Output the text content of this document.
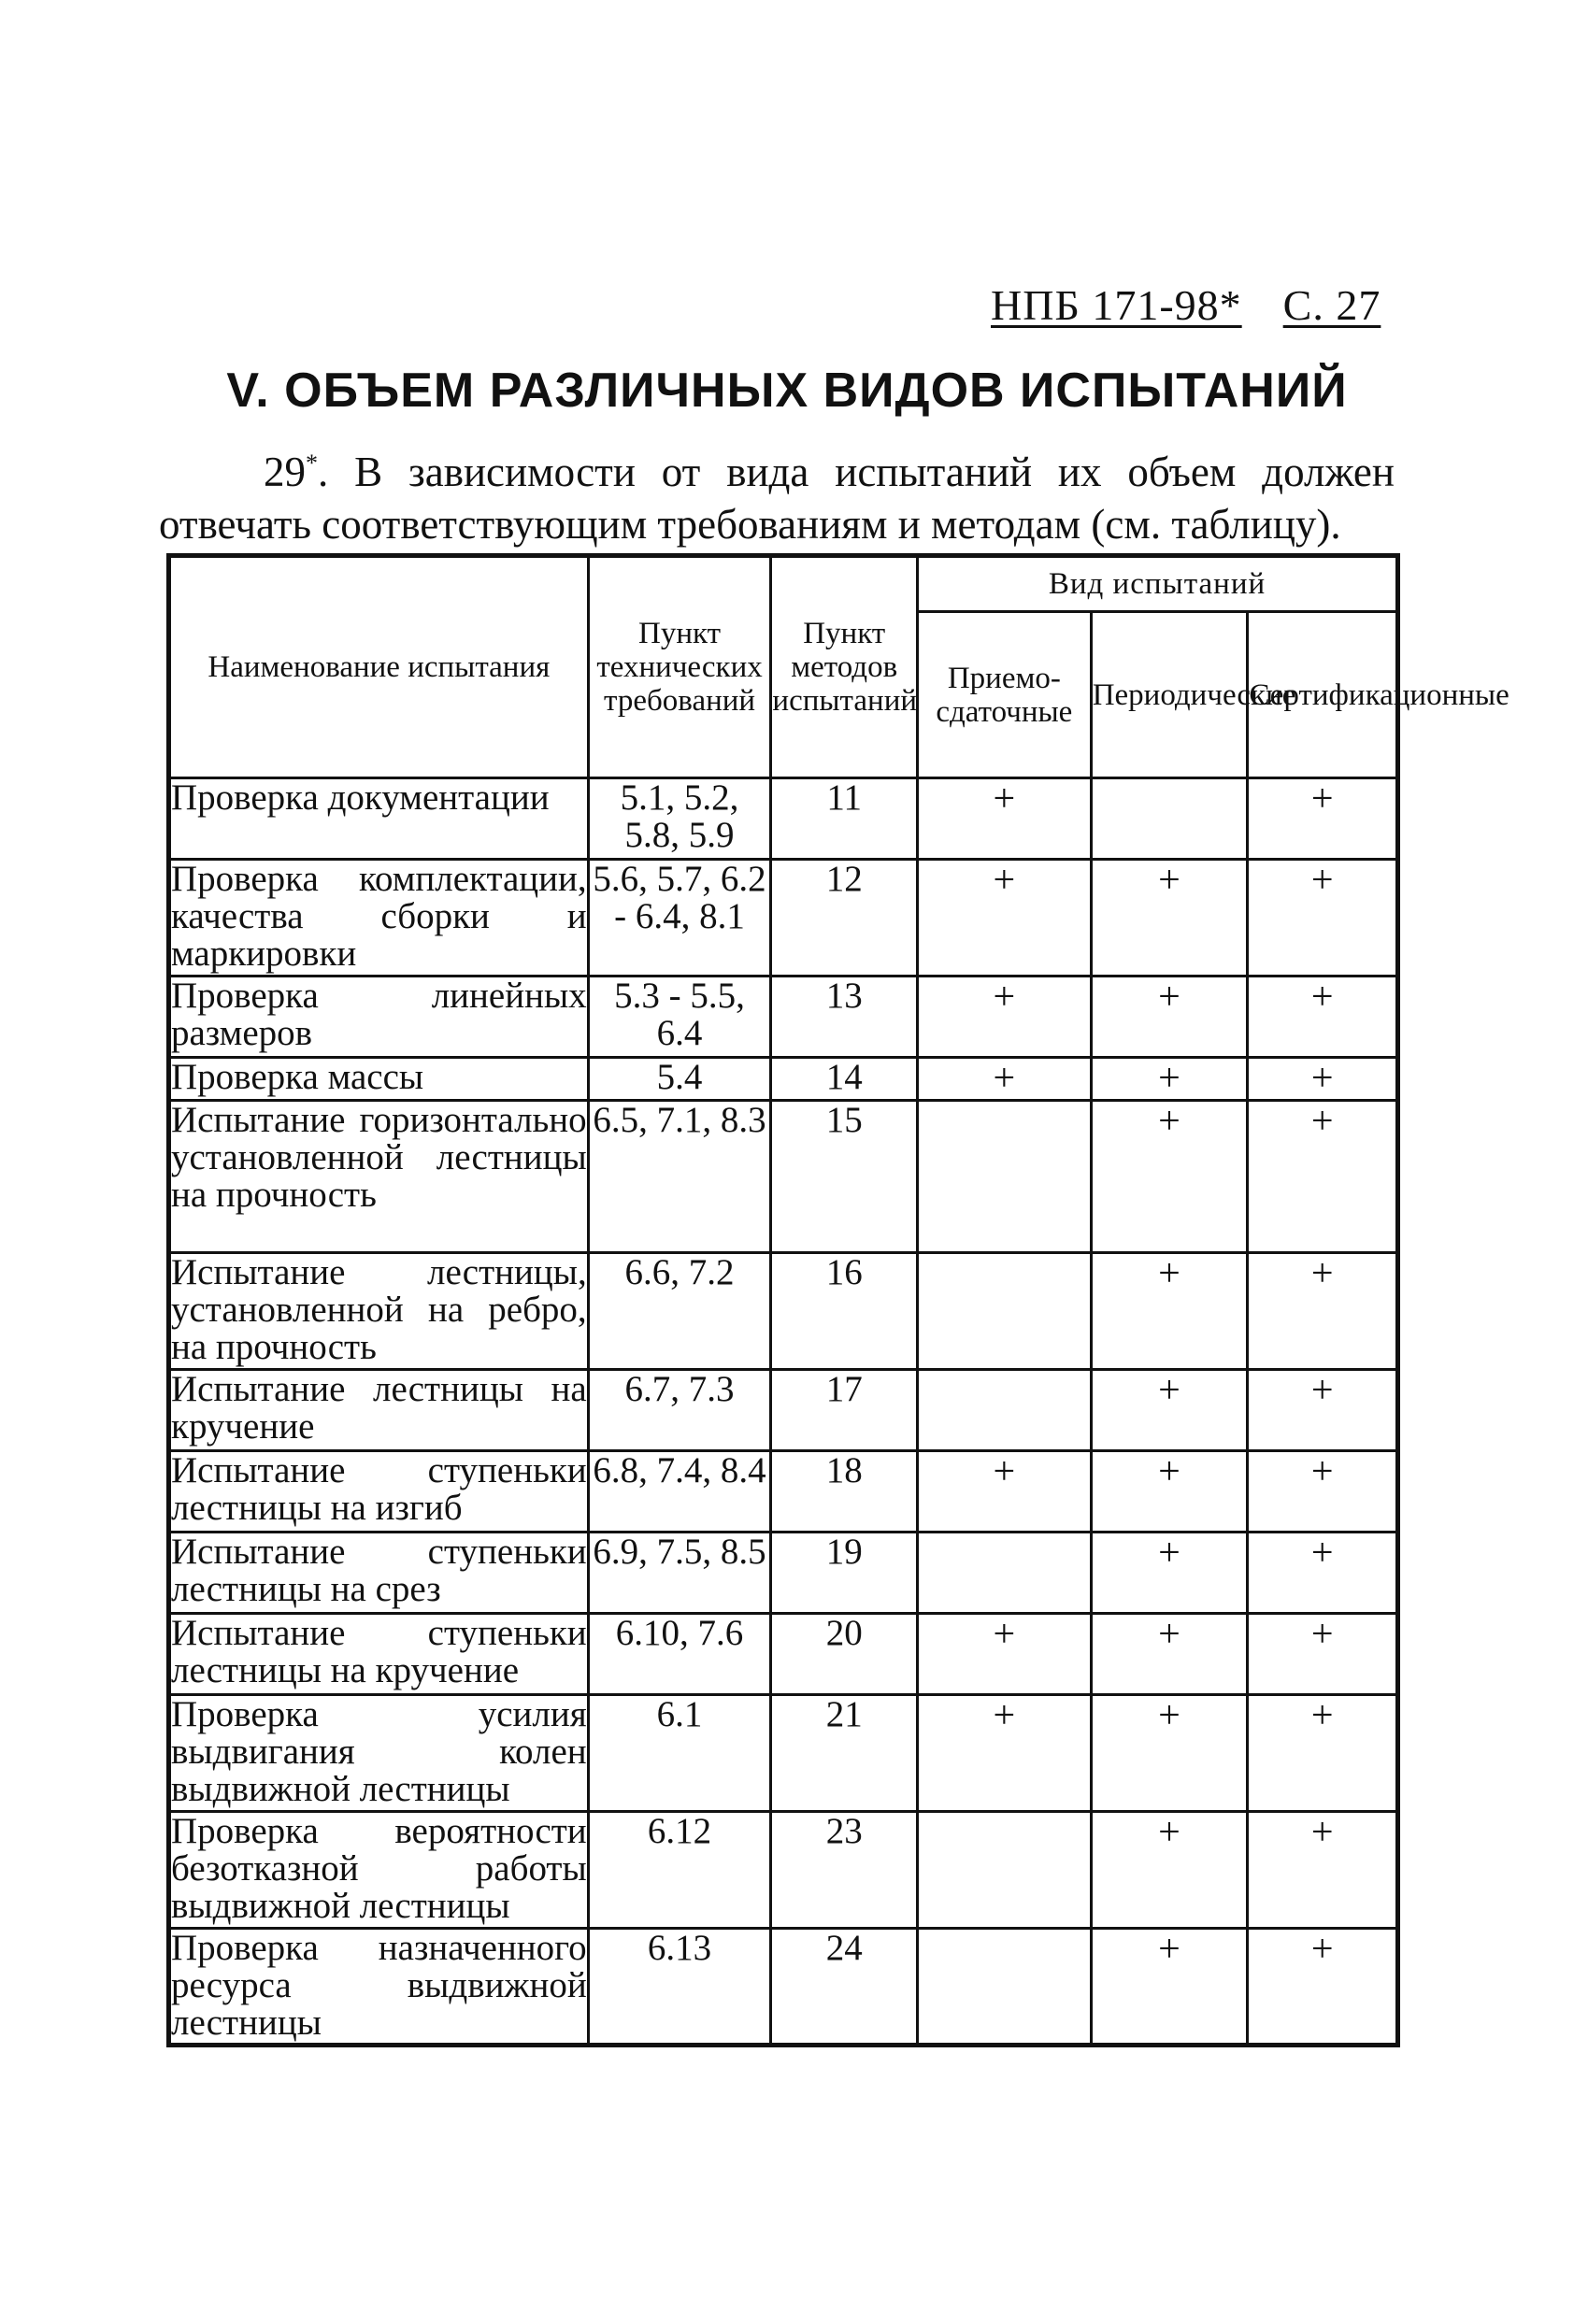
НПБ 171-98* С. 27
V. ОБЪЕМ РАЗЛИЧНЫХ ВИДОВ ИСПЫТАНИЙ
29*. В зависимости от вида испытаний их объем должен отвечать соответствующим требованиям и методам (см. таблицу).
Наименование испытания	Пункт технических требований	Пункт методов испытаний	Вид испытаний		
			Приемо-сдаточные	Периодические	Сертификационные
Проверка документации	5.1, 5.2, 5.8, 5.9	11	+		+
Проверка комплектации, качества сборки и маркировки	5.6, 5.7, 6.2 - 6.4, 8.1	12	+	+	+
Проверка линейных размеров	5.3 - 5.5, 6.4	13	+	+	+
Проверка массы	5.4	14	+	+	+
Испытание горизонтально установленной лестницы на прочность	6.5, 7.1, 8.3	15		+	+
Испытание лестницы, установленной на ребро, на прочность	6.6, 7.2	16		+	+
Испытание лестницы на кручение	6.7, 7.3	17		+	+
Испытание ступеньки лестницы на изгиб	6.8, 7.4, 8.4	18	+	+	+
Испытание ступеньки лестницы на срез	6.9, 7.5, 8.5	19		+	+
Испытание ступеньки лестницы на кручение	6.10, 7.6	20	+	+	+
Проверка усилия выдвигания колен выдвижной лестницы	6.1	21	+	+	+
Проверка вероятности безотказной работы выдвижной лестницы	6.12	23		+	+
Проверка назначенного ресурса выдвижной лестницы	6.13	24		+	+
